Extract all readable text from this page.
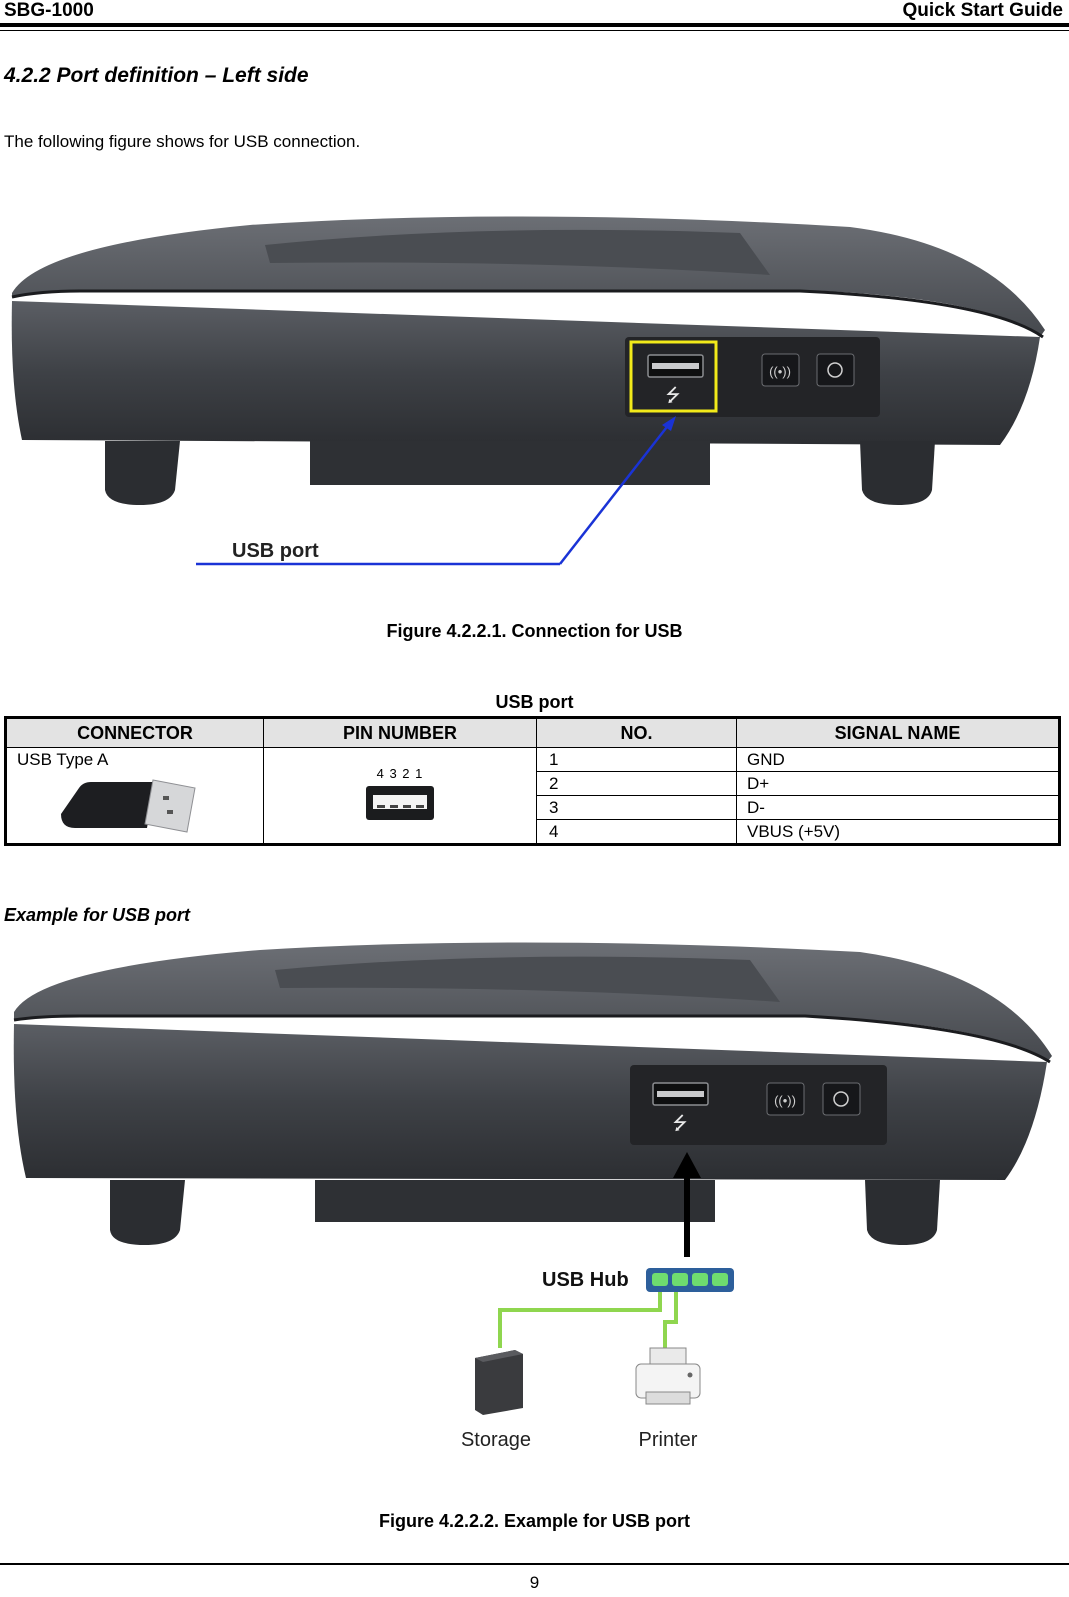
SBG-1000	Quick Start Guide
4.2.2 Port definition – Left side
The following figure shows for USB connection.
⭍
((•))
USB port
Figure 4.2.2.1. Connection for USB
USB port
CONNECTOR	PIN NUMBER	NO.	SIGNAL NAME

USB Type A	4 3 2 1	1	GND
		2	D+
		3	D-
		4	VBUS (+5V)
Example for USB port
⭍
((•))
USB Hub
Storage	Printer
Figure 4.2.2.2. Example for USB port
9
